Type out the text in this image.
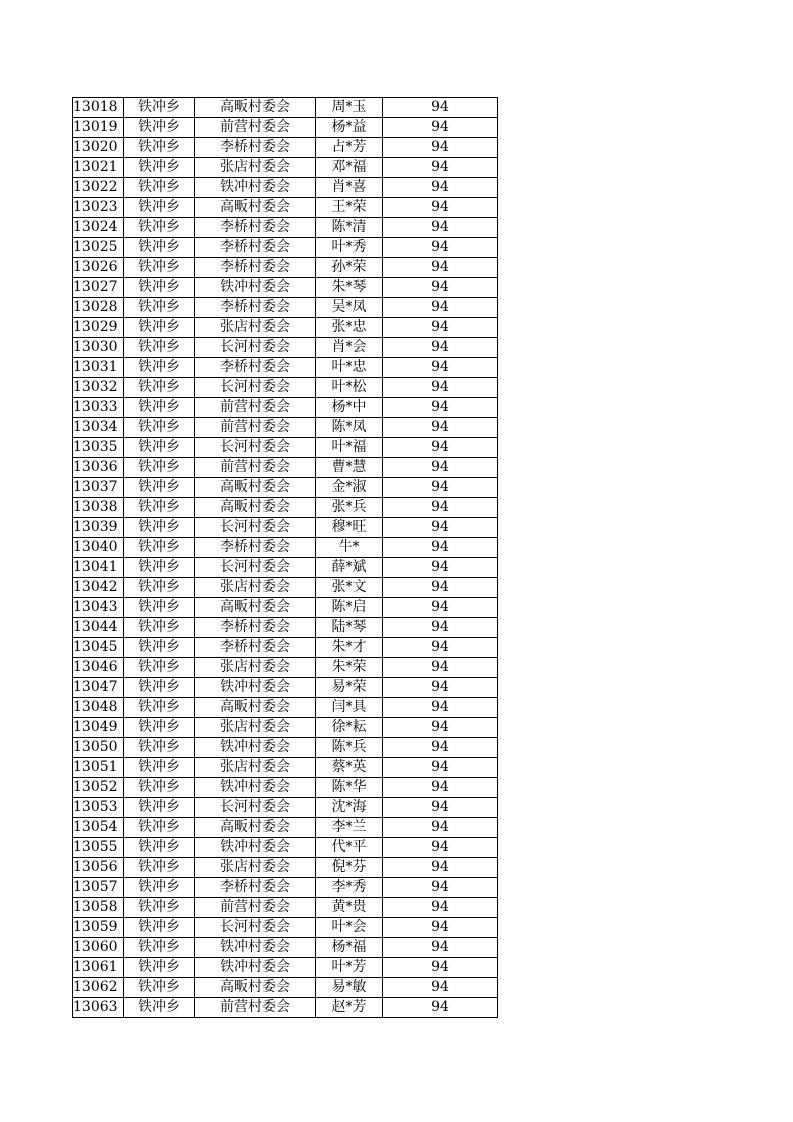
13018	铁冲乡	高畈村委会	周*玉	94
13019	铁冲乡	前营村委会	杨*益	94
13020	铁冲乡	李桥村委会	占*芳	94
13021	铁冲乡	张店村委会	邓*福	94
13022	铁冲乡	铁冲村委会	肖*喜	94
13023	铁冲乡	高畈村委会	王*荣	94
13024	铁冲乡	李桥村委会	陈*清	94
13025	铁冲乡	李桥村委会	叶*秀	94
13026	铁冲乡	李桥村委会	孙*荣	94
13027	铁冲乡	铁冲村委会	朱*琴	94
13028	铁冲乡	李桥村委会	吴*凤	94
13029	铁冲乡	张店村委会	张*忠	94
13030	铁冲乡	长河村委会	肖*会	94
13031	铁冲乡	李桥村委会	叶*忠	94
13032	铁冲乡	长河村委会	叶*松	94
13033	铁冲乡	前营村委会	杨*中	94
13034	铁冲乡	前营村委会	陈*凤	94
13035	铁冲乡	长河村委会	叶*福	94
13036	铁冲乡	前营村委会	曹*慧	94
13037	铁冲乡	高畈村委会	金*淑	94
13038	铁冲乡	高畈村委会	张*兵	94
13039	铁冲乡	长河村委会	穆*旺	94
13040	铁冲乡	李桥村委会	牛*	94
13041	铁冲乡	长河村委会	薛*斌	94
13042	铁冲乡	张店村委会	张*文	94
13043	铁冲乡	高畈村委会	陈*启	94
13044	铁冲乡	李桥村委会	陆*琴	94
13045	铁冲乡	李桥村委会	朱*才	94
13046	铁冲乡	张店村委会	朱*荣	94
13047	铁冲乡	铁冲村委会	易*荣	94
13048	铁冲乡	高畈村委会	闫*具	94
13049	铁冲乡	张店村委会	徐*耘	94
13050	铁冲乡	铁冲村委会	陈*兵	94
13051	铁冲乡	张店村委会	蔡*英	94
13052	铁冲乡	铁冲村委会	陈*华	94
13053	铁冲乡	长河村委会	沈*海	94
13054	铁冲乡	高畈村委会	李*兰	94
13055	铁冲乡	铁冲村委会	代*平	94
13056	铁冲乡	张店村委会	倪*芬	94
13057	铁冲乡	李桥村委会	李*秀	94
13058	铁冲乡	前营村委会	黄*贵	94
13059	铁冲乡	长河村委会	叶*会	94
13060	铁冲乡	铁冲村委会	杨*福	94
13061	铁冲乡	铁冲村委会	叶*芳	94
13062	铁冲乡	高畈村委会	易*敏	94
13063	铁冲乡	前营村委会	赵*芳	94
